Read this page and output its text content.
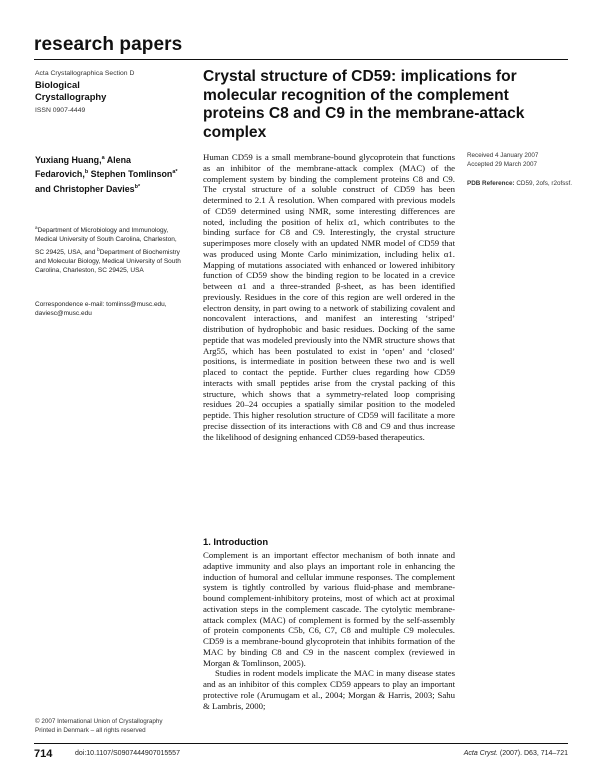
research papers
Acta Crystallographica Section D
Biological
Crystallography
ISSN 0907-4449
Crystal structure of CD59: implications for molecular recognition of the complement proteins C8 and C9 in the membrane-attack complex
Yuxiang Huang,$^a$ Alena Fedarovich,$^b$ Stephen Tomlinson$^{a*}$ and Christopher Davies$^{b*}$
$^a$Department of Microbiology and Immunology, Medical University of South Carolina, Charleston, SC 29425, USA, and $^b$Department of Biochemistry and Molecular Biology, Medical University of South Carolina, Charleston, SC 29425, USA
Correspondence e-mail: tomlinss@musc.edu, daviesc@musc.edu
Human CD59 is a small membrane-bound glycoprotein that functions as an inhibitor of the membrane-attack complex (MAC) of the complement system by binding the complement proteins C8 and C9. The crystal structure of a soluble construct of CD59 has been determined to 2.1 Å resolution. When compared with previous models of CD59 determined using NMR, some interesting differences are noted, including the position of helix α1, which contributes to the binding surface for C8 and C9. Interestingly, the crystal structure superimposes more closely with an updated NMR model of CD59 that was produced using Monte Carlo minimization, including helix α1. Mapping of mutations associated with enhanced or lowered inhibitory function of CD59 show the binding region to be located in a crevice between α1 and a three-stranded β-sheet, as has been identified previously. Residues in the core of this region are well ordered in the electron density, in part owing to a network of stabilizing covalent and noncovalent interactions, and manifest an interesting ‘striped’ distribution of hydrophobic and basic residues. Docking of the same peptide that was modeled previously into the NMR structure shows that Arg55, which has been postulated to exist in ‘open’ and ‘closed’ positions, is intermediate in position between these two and is well placed to contact the peptide. Further clues regarding how CD59 interacts with small peptides arise from the crystal packing of this structure, which shows that a symmetry-related loop comprising residues 20–24 occupies a spatially similar position to the modeled peptide. This higher resolution structure of CD59 will facilitate a more precise dissection of its interactions with C8 and C9 and thus increase the likelihood of designing enhanced CD59-based therapeutics.
Received 4 January 2007
Accepted 29 March 2007
PDB Reference: CD59, 2ofs, r2ofssf.
1. Introduction

Complement is an important effector mechanism of both innate and adaptive immunity and also plays an important role in enhancing the induction of humoral and cellular immune responses. The complement system is tightly controlled by various fluid-phase and membrane-bound complement-inhibitory proteins, most of which act at proximal activation steps in the complement cascade. The cytolytic membrane-attack complex (MAC) of complement is formed by the self-assembly of protein components C5b, C6, C7, C8 and multiple C9 molecules. CD59 is a membrane-bound glycoprotein that inhibits formation of the MAC by binding C8 and C9 in the nascent complex (reviewed in Morgan & Tomlinson, 2005).

Studies in rodent models implicate the MAC in many disease states and as an inhibitor of this complex CD59 appears to play an important protective role (Arumugam et al., 2004; Morgan & Harris, 2003; Sahu & Lambris, 2000;

© 2007 International Union of Crystallography
Printed in Denmark – all rights reserved
714	doi:10.1107/S0907444907015557	Acta Cryst. (2007). D63, 714–721
